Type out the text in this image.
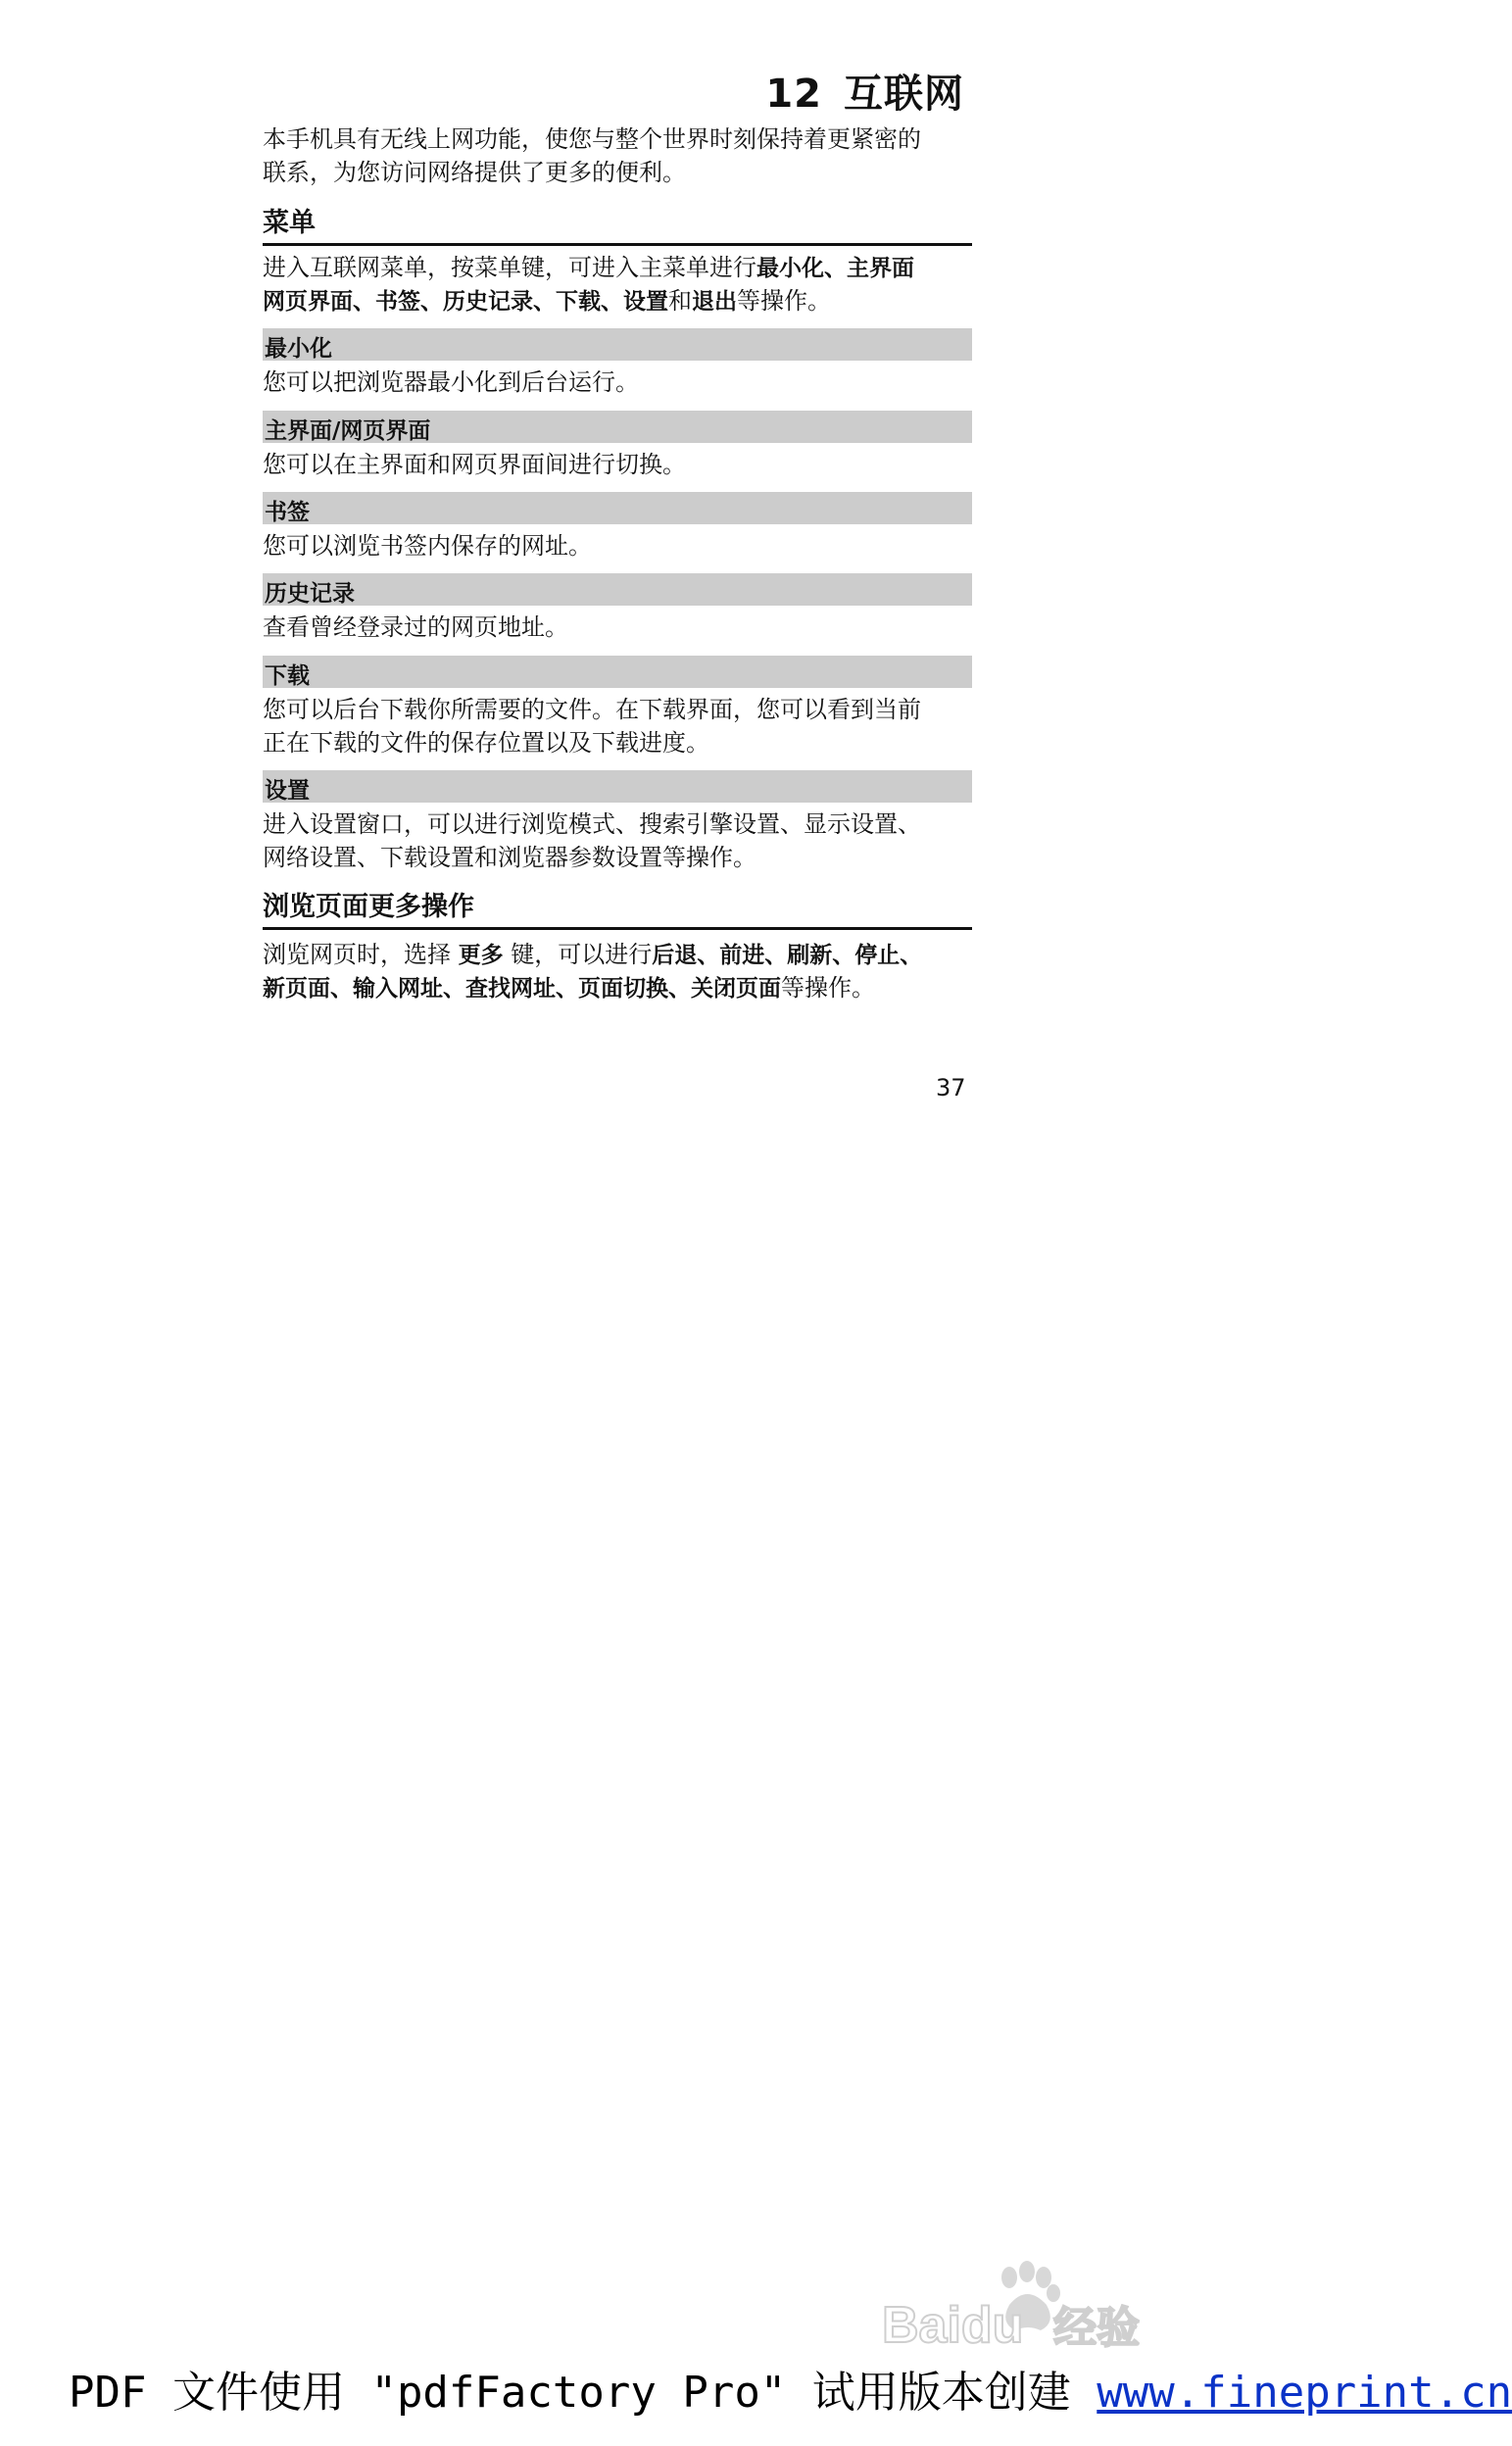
12 互联网
本手机具有无线上网功能，使您与整个世界时刻保持着更紧密的
联系，为您访问网络提供了更多的便利。
菜单
进入互联网菜单，按菜单键，可进入主菜单进行最小化、主界面
网页界面、书签、历史记录、下载、设置和退出等操作。
最小化
您可以把浏览器最小化到后台运行。
主界面/网页界面
您可以在主界面和网页界面间进行切换。
书签
您可以浏览书签内保存的网址。
历史记录
查看曾经登录过的网页地址。
下载
您可以后台下载你所需要的文件。在下载界面，您可以看到当前
正在下载的文件的保存位置以及下载进度。
设置
进入设置窗口，可以进行浏览模式、搜索引擎设置、显示设置、
网络设置、下载设置和浏览器参数设置等操作。
浏览页面更多操作
浏览网页时，选择 更多 键，可以进行后退、前进、刷新、停止、
新页面、输入网址、查找网址、页面切换、关闭页面等操作。
37
Baidu 经验
PDF 文件使用 "pdfFactory Pro" 试用版本创建 www.fineprint.cn
